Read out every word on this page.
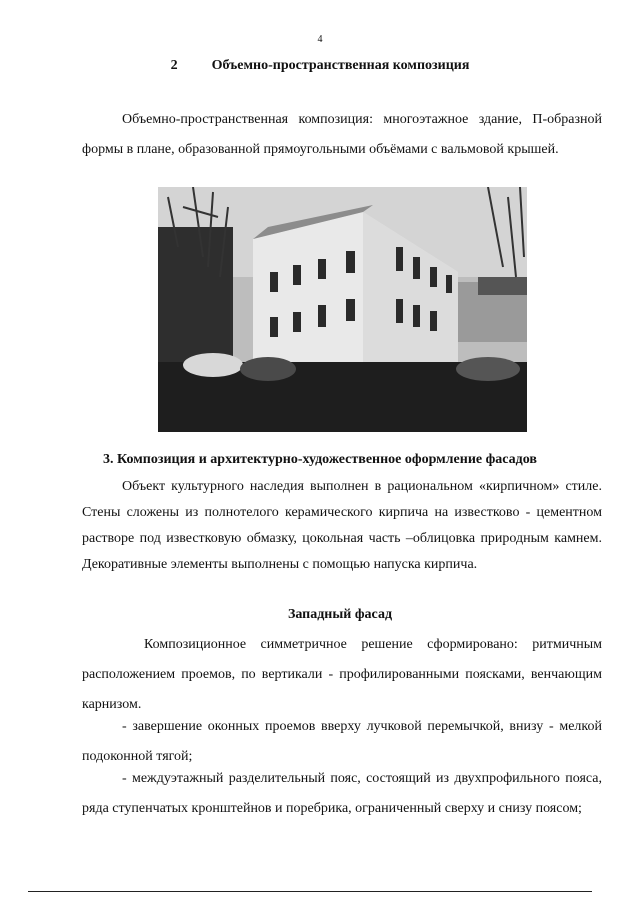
4
2 Объемно-пространственная композиция
Объемно-пространственная композиция: многоэтажное здание, П-образной формы в плане, образованной прямоугольными объёмами с вальмовой крышей.
3. Композиция и архитектурно-художественное оформление фасадов
Объект культурного наследия выполнен в рациональном «кирпичном» стиле. Стены сложены из полнотелого керамического кирпича на известково - цементном растворе под известковую обмазку, цокольная часть –облицовка природным камнем. Декоративные элементы выполнены с помощью напуска кирпича.
Западный фасад
Композиционное симметричное решение сформировано: ритмичным расположением проемов, по вертикали - профилированными поясками, венчающим карнизом.
- завершение оконных проемов вверху лучковой перемычкой, внизу - мелкой подоконной тягой;
- междуэтажный разделительный пояс, состоящий из двухпрофильного пояса, ряда ступенчатых кронштейнов и поребрика, ограниченный сверху и снизу поясом;
